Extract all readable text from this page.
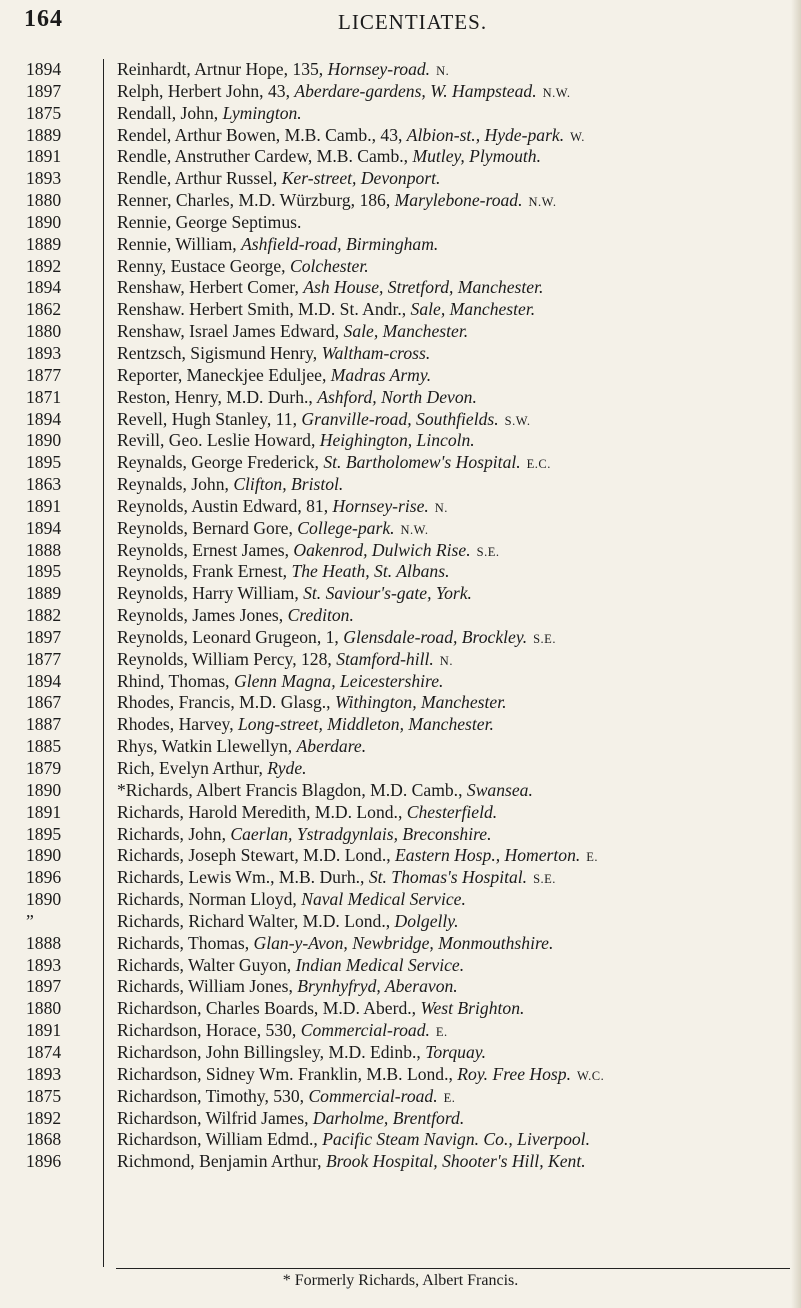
164	LICENTIATES.
1894	Reinhardt, Artnur Hope, 135, Hornsey-road. N.
1897	Relph, Herbert John, 43, Aberdare-gardens, W. Hampstead. N.W.
1875	Rendall, John, Lymington.
1889	Rendel, Arthur Bowen, M.B. Camb., 43, Albion-st., Hyde-park. W.
1891	Rendle, Anstruther Cardew, M.B. Camb., Mutley, Plymouth.
1893	Rendle, Arthur Russel, Ker-street, Devonport.
1880	Renner, Charles, M.D. Würzburg, 186, Marylebone-road. N.W.
1890	Rennie, George Septimus.
1889	Rennie, William, Ashfield-road, Birmingham.
1892	Renny, Eustace George, Colchester.
1894	Renshaw, Herbert Comer, Ash House, Stretford, Manchester.
1862	Renshaw. Herbert Smith, M.D. St. Andr., Sale, Manchester.
1880	Renshaw, Israel James Edward, Sale, Manchester.
1893	Rentzsch, Sigismund Henry, Waltham-cross.
1877	Reporter, Maneckjee Eduljee, Madras Army.
1871	Reston, Henry, M.D. Durh., Ashford, North Devon.
1894	Revell, Hugh Stanley, 11, Granville-road, Southfields. S.W.
1890	Revill, Geo. Leslie Howard, Heighington, Lincoln.
1895	Reynalds, George Frederick, St. Bartholomew's Hospital. E.C.
1863	Reynalds, John, Clifton, Bristol.
1891	Reynolds, Austin Edward, 81, Hornsey-rise. N.
1894	Reynolds, Bernard Gore, College-park. N.W.
1888	Reynolds, Ernest James, Oakenrod, Dulwich Rise. S.E.
1895	Reynolds, Frank Ernest, The Heath, St. Albans.
1889	Reynolds, Harry William, St. Saviour's-gate, York.
1882	Reynolds, James Jones, Crediton.
1897	Reynolds, Leonard Grugeon, 1, Glensdale-road, Brockley. S.E.
1877	Reynolds, William Percy, 128, Stamford-hill. N.
1894	Rhind, Thomas, Glenn Magna, Leicestershire.
1867	Rhodes, Francis, M.D. Glasg., Withington, Manchester.
1887	Rhodes, Harvey, Long-street, Middleton, Manchester.
1885	Rhys, Watkin Llewellyn, Aberdare.
1879	Rich, Evelyn Arthur, Ryde.
1890	*Richards, Albert Francis Blagdon, M.D. Camb., Swansea.
1891	Richards, Harold Meredith, M.D. Lond., Chesterfield.
1895	Richards, John, Caerlan, Ystradgynlais, Breconshire.
1890	Richards, Joseph Stewart, M.D. Lond., Eastern Hosp., Homerton. E.
1896	Richards, Lewis Wm., M.B. Durh., St. Thomas's Hospital. S.E.
1890	Richards, Norman Lloyd, Naval Medical Service.
”	Richards, Richard Walter, M.D. Lond., Dolgelly.
1888	Richards, Thomas, Glan-y-Avon, Newbridge, Monmouthshire.
1893	Richards, Walter Guyon, Indian Medical Service.
1897	Richards, William Jones, Brynhyfryd, Aberavon.
1880	Richardson, Charles Boards, M.D. Aberd., West Brighton.
1891	Richardson, Horace, 530, Commercial-road. E.
1874	Richardson, John Billingsley, M.D. Edinb., Torquay.
1893	Richardson, Sidney Wm. Franklin, M.B. Lond., Roy. Free Hosp. W.C.
1875	Richardson, Timothy, 530, Commercial-road. E.
1892	Richardson, Wilfrid James, Darholme, Brentford.
1868	Richardson, William Edmd., Pacific Steam Navign. Co., Liverpool.
1896	Richmond, Benjamin Arthur, Brook Hospital, Shooter's Hill, Kent.
* Formerly Richards, Albert Francis.
